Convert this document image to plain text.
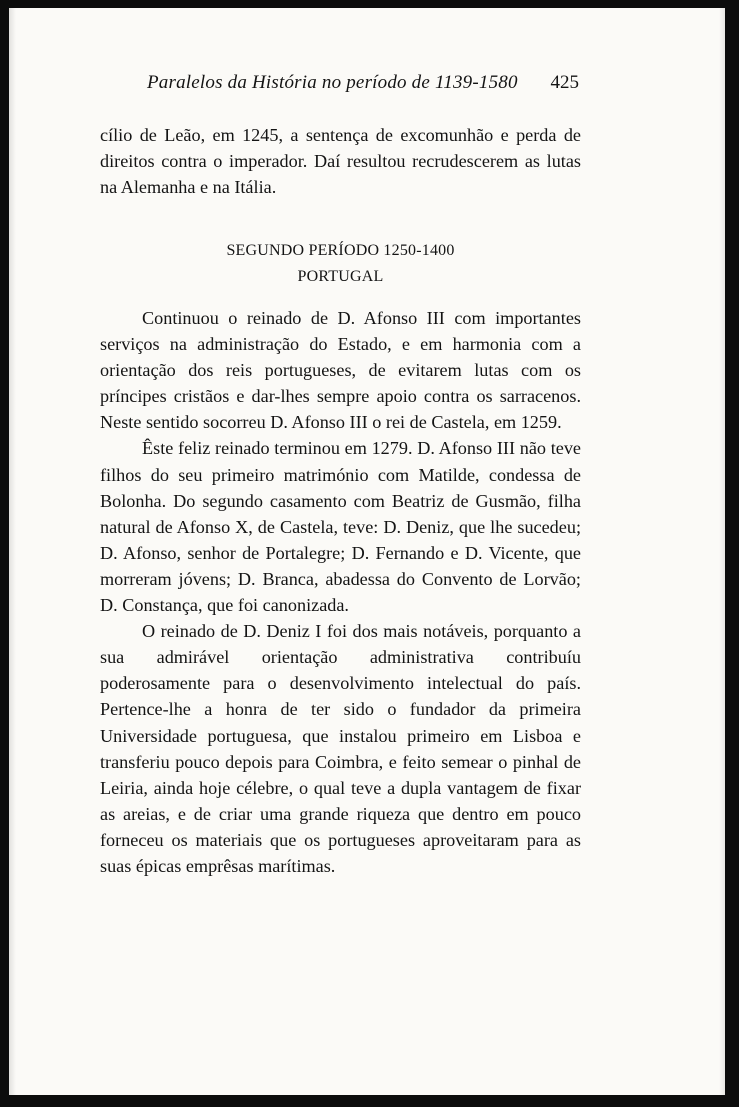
Paralelos da História no período de 1139-1580 425

cílio de Leão, em 1245, a sentença de excomunhão e perda de direitos contra o imperador. Daí resultou recrudescerem as lutas na Alemanha e na Itália.

SEGUNDO PERÍODO 1250-1400
PORTUGAL

Continuou o reinado de D. Afonso III com importantes serviços na administração do Estado, e em harmonia com a orientação dos reis portugueses, de evitarem lutas com os príncipes cristãos e dar-lhes sempre apoio contra os sarracenos. Neste sentido socorreu D. Afonso III o rei de Castela, em 1259.

Êste feliz reinado terminou em 1279. D. Afonso III não teve filhos do seu primeiro matrimónio com Matilde, condessa de Bolonha. Do segundo casamento com Beatriz de Gusmão, filha natural de Afonso X, de Castela, teve: D. Deniz, que lhe sucedeu; D. Afonso, senhor de Portalegre; D. Fernando e D. Vicente, que morreram jóvens; D. Branca, abadessa do Convento de Lorvão; D. Constança, que foi canonizada.

O reinado de D. Deniz I foi dos mais notáveis, porquanto a sua admirável orientação administrativa contribuíu poderosamente para o desenvolvimento intelectual do país. Pertence-lhe a honra de ter sido o fundador da primeira Universidade portuguesa, que instalou primeiro em Lisboa e transferiu pouco depois para Coimbra, e feito semear o pinhal de Leiria, ainda hoje célebre, o qual teve a dupla vantagem de fixar as areias, e de criar uma grande riqueza que dentro em pouco forneceu os materiais que os portugueses aproveitaram para as suas épicas emprêsas marítimas.
